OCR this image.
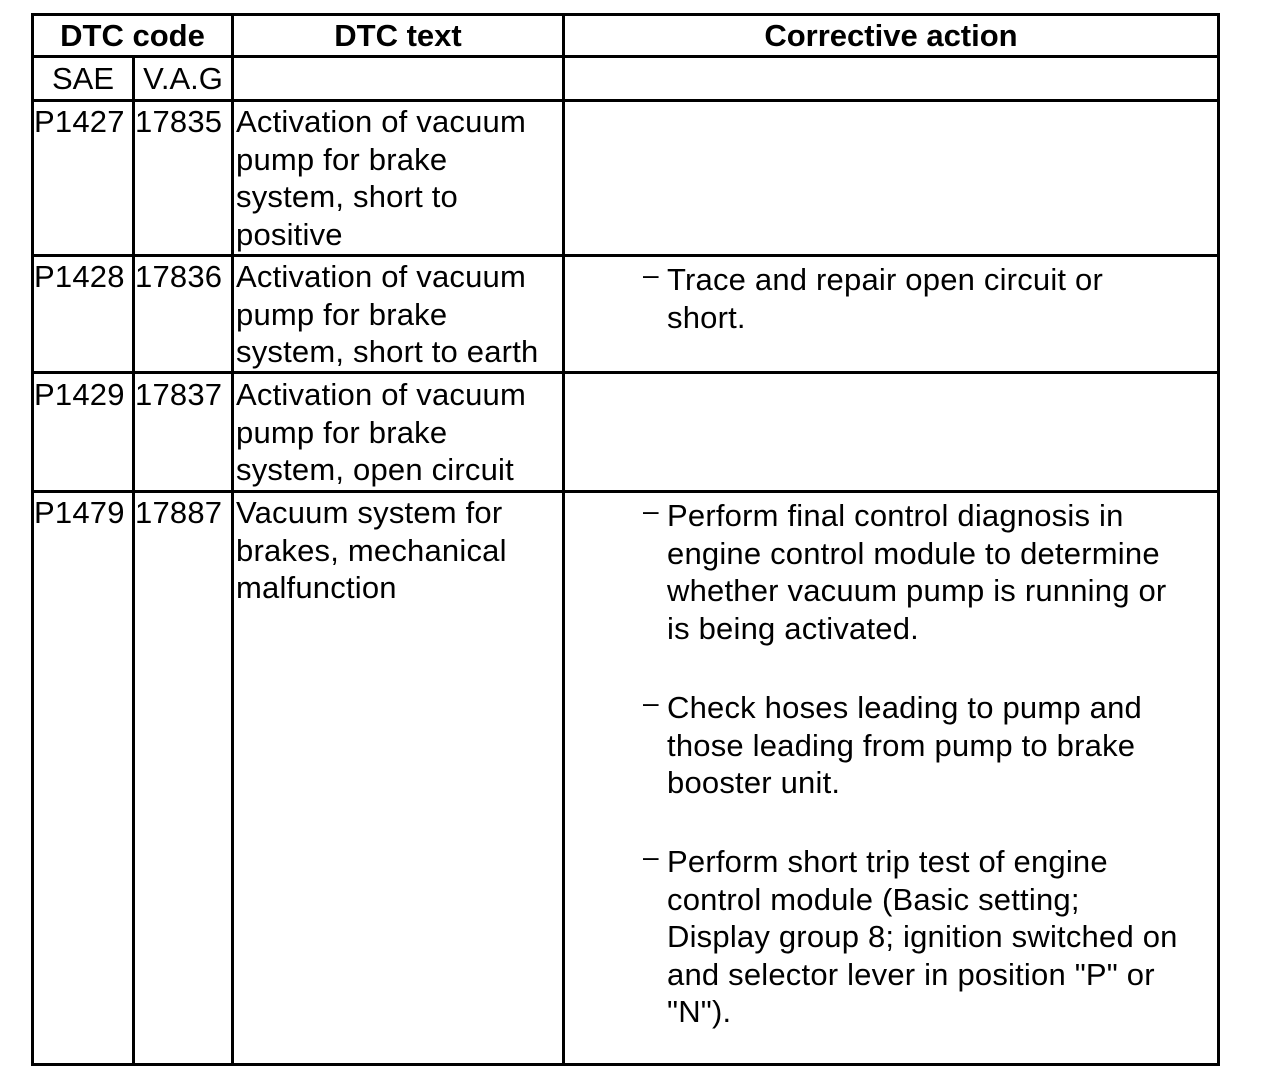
DTC code	DTC text	Corrective action
SAE V.A.G
P1427 17835 Activation of vacuum
pump for brake
system, short to
positive
P1428 17836 Activation of vacuum
pump for brake
system, short to earth
P1429 17837 Activation of vacuum
pump for brake
system, open circuit
P1479 17887 Vacuum system for
brakes, mechanical
malfunction
– Trace and repair open circuit or
short.
– Perform final control diagnosis in
engine control module to determine
whether vacuum pump is running or
is being activated.
– Check hoses leading to pump and
those leading from pump to brake
booster unit.
– Perform short trip test of engine
control module (Basic setting;
Display group 8; ignition switched on
and selector lever in position "P" or
"N").
